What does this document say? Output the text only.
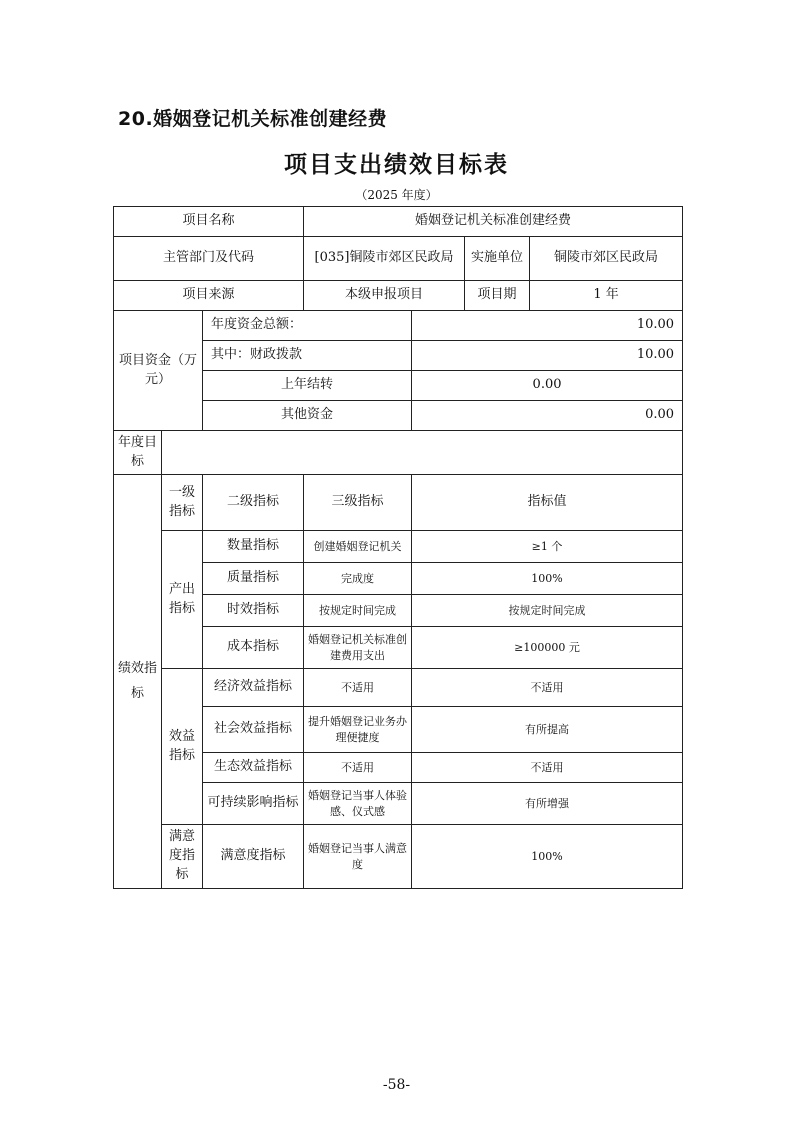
20.婚姻登记机关标准创建经费
项目支出绩效目标表
（2025 年度）
项目名称			婚姻登记机关标准创建经费			
主管部门及代码			[035]铜陵市郊区民政局		实施单位	铜陵市郊区民政局
项目来源			本级申报项目		项目期	1 年
项目资金（万元）		年度资金总额：		10.00		
		其中：财政拨款		10.00		
		上年结转		0.00		
		其他资金		0.00		
年度目标						
绩效指标	一级指标	二级指标	三级指标	指标值		
	产出指标	数量指标	创建婚姻登记机关	≥1 个		
		质量指标	完成度	100%		
		时效指标	按规定时间完成	按规定时间完成		
		成本指标	婚姻登记机关标准创建费用支出	≥100000 元		
	效益指标	经济效益指标	不适用	不适用		
		社会效益指标	提升婚姻登记业务办理便捷度	有所提高		
		生态效益指标	不适用	不适用		
		可持续影响指标	婚姻登记当事人体验感、仪式感	有所增强		
	满意度指标	满意度指标	婚姻登记当事人满意度	100%		
-58-
